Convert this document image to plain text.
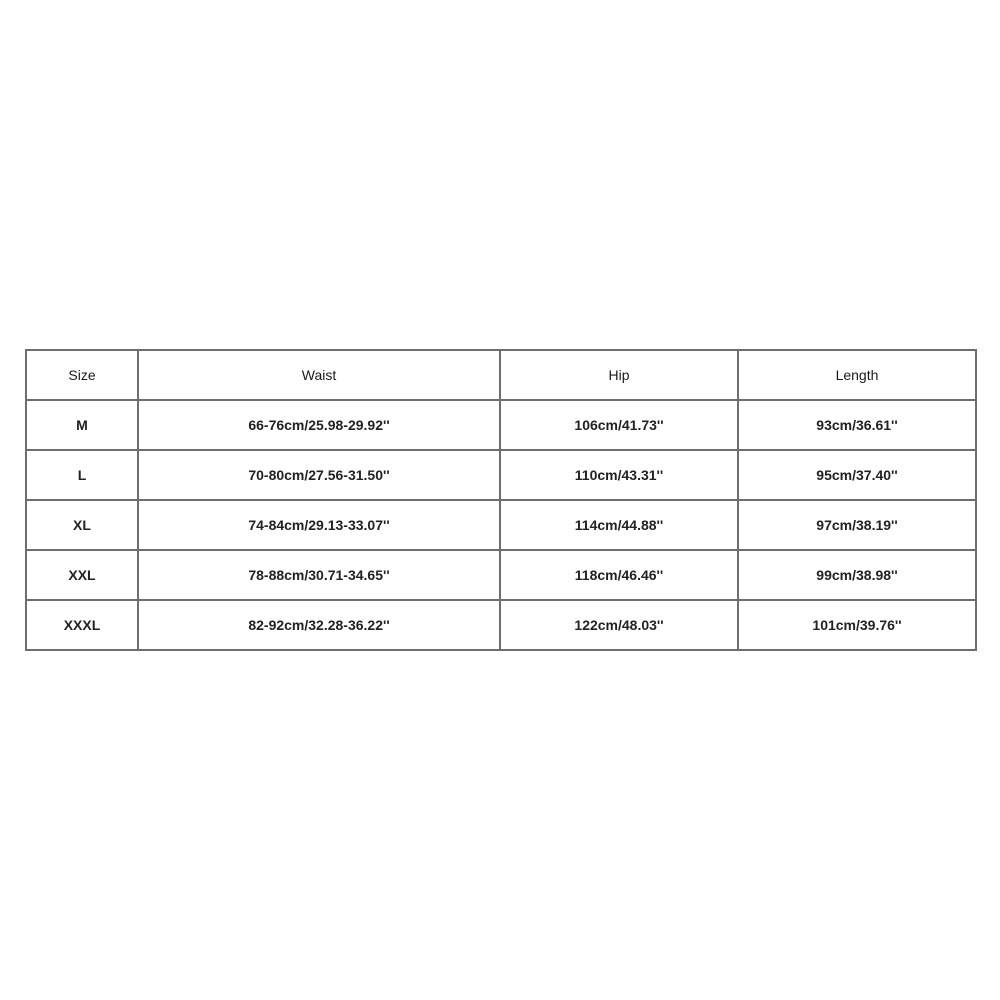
Size	Waist	Hip	Length
M	66-76cm/25.98-29.92''	106cm/41.73''	93cm/36.61''
L	70-80cm/27.56-31.50''	110cm/43.31''	95cm/37.40''
XL	74-84cm/29.13-33.07''	114cm/44.88''	97cm/38.19''
XXL	78-88cm/30.71-34.65''	118cm/46.46''	99cm/38.98''
XXXL	82-92cm/32.28-36.22''	122cm/48.03''	101cm/39.76''
